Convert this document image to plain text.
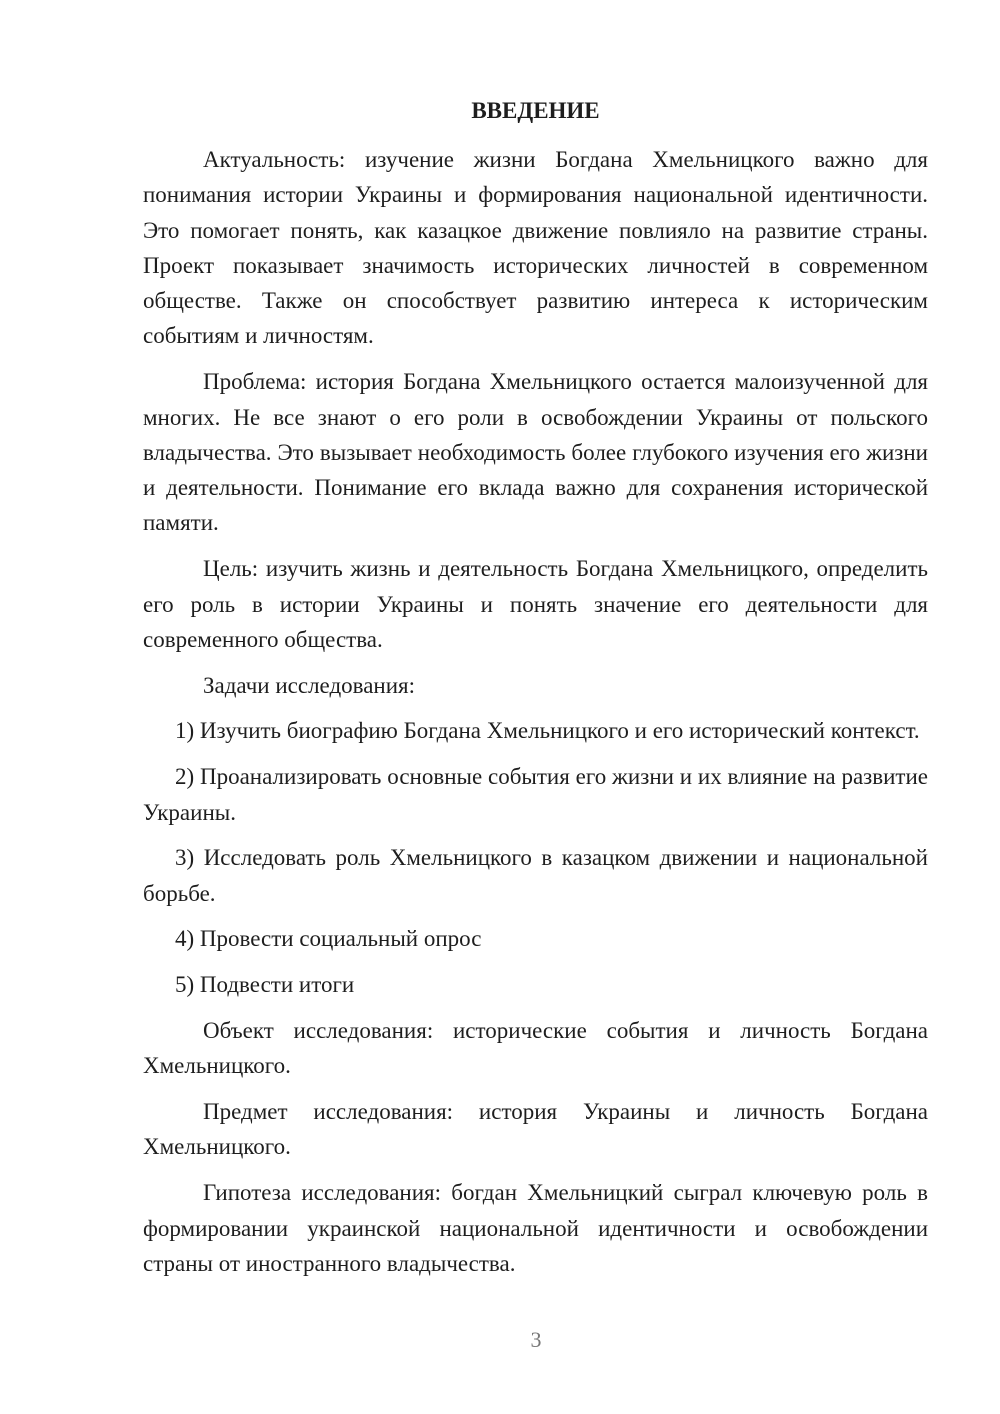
ВВЕДЕНИЕ

Актуальность: изучение жизни Богдана Хмельницкого важно для понимания истории Украины и формирования национальной идентичности. Это помогает понять, как казацкое движение повлияло на развитие страны. Проект показывает значимость исторических личностей в современном обществе. Также он способствует развитию интереса к историческим событиям и личностям.

Проблема: история Богдана Хмельницкого остается малоизученной для многих. Не все знают о его роли в освобождении Украины от польского владычества. Это вызывает необходимость более глубокого изучения его жизни и деятельности. Понимание его вклада важно для сохранения исторической памяти.

Цель: изучить жизнь и деятельность Богдана Хмельницкого, определить его роль в истории Украины и понять значение его деятельности для современного общества.

Задачи исследования:

1) Изучить биографию Богдана Хмельницкого и его исторический контекст.

2) Проанализировать основные события его жизни и их влияние на развитие Украины.

3) Исследовать роль Хмельницкого в казацком движении и национальной борьбе.

4) Провести социальный опрос

5) Подвести итоги

Объект исследования: исторические события и личность Богдана Хмельницкого.

Предмет исследования: история Украины и личность Богдана Хмельницкого.

Гипотеза исследования: богдан Хмельницкий сыграл ключевую роль в формировании украинской национальной идентичности и освобождении страны от иностранного владычества.

3
